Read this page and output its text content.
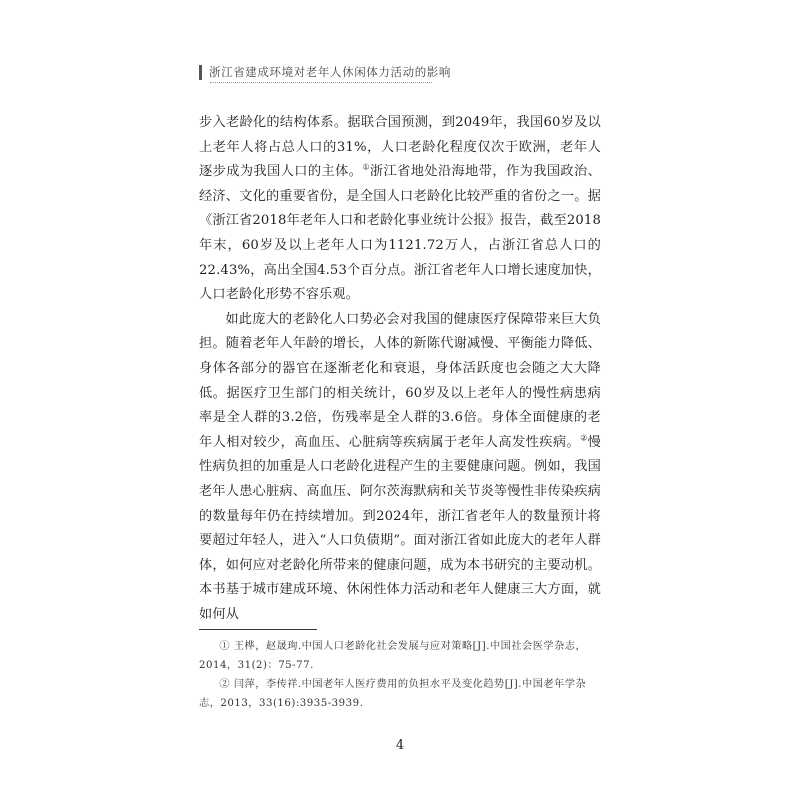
浙江省建成环境对老年人休闲体力活动的影响

步入老龄化的结构体系。据联合国预测，到2049年，我国60岁及以上老年人将占总人口的31%，人口老龄化程度仅次于欧洲，老年人逐步成为我国人口的主体。①浙江省地处沿海地带，作为我国政治、经济、文化的重要省份，是全国人口老龄化比较严重的省份之一。据《浙江省2018年老年人口和老龄化事业统计公报》报告，截至2018年末，60岁及以上老年人口为1121.72万人，占浙江省总人口的22.43%，高出全国4.53个百分点。浙江省老年人口增长速度加快，人口老龄化形势不容乐观。

如此庞大的老龄化人口势必会对我国的健康医疗保障带来巨大负担。随着老年人年龄的增长，人体的新陈代谢减慢、平衡能力降低、身体各部分的器官在逐渐老化和衰退，身体活跃度也会随之大大降低。据医疗卫生部门的相关统计，60岁及以上老年人的慢性病患病率是全人群的3.2倍，伤残率是全人群的3.6倍。身体全面健康的老年人相对较少，高血压、心脏病等疾病属于老年人高发性疾病。②慢性病负担的加重是人口老龄化进程产生的主要健康问题。例如，我国老年人患心脏病、高血压、阿尔茨海默病和关节炎等慢性非传染疾病的数量每年仍在持续增加。到2024年，浙江省老年人的数量预计将要超过年轻人，进入“人口负债期”。面对浙江省如此庞大的老年人群体，如何应对老龄化所带来的健康问题，成为本书研究的主要动机。本书基于城市建成环境、休闲性体力活动和老年人健康三大方面，就如何从

① 王桦，赵晟珣.中国人口老龄化社会发展与应对策略[J].中国社会医学杂志，2014，31(2)：75-77.

② 闫萍，李传祥.中国老年人医疗费用的负担水平及变化趋势[J].中国老年学杂志，2013，33(16):3935-3939.

4
